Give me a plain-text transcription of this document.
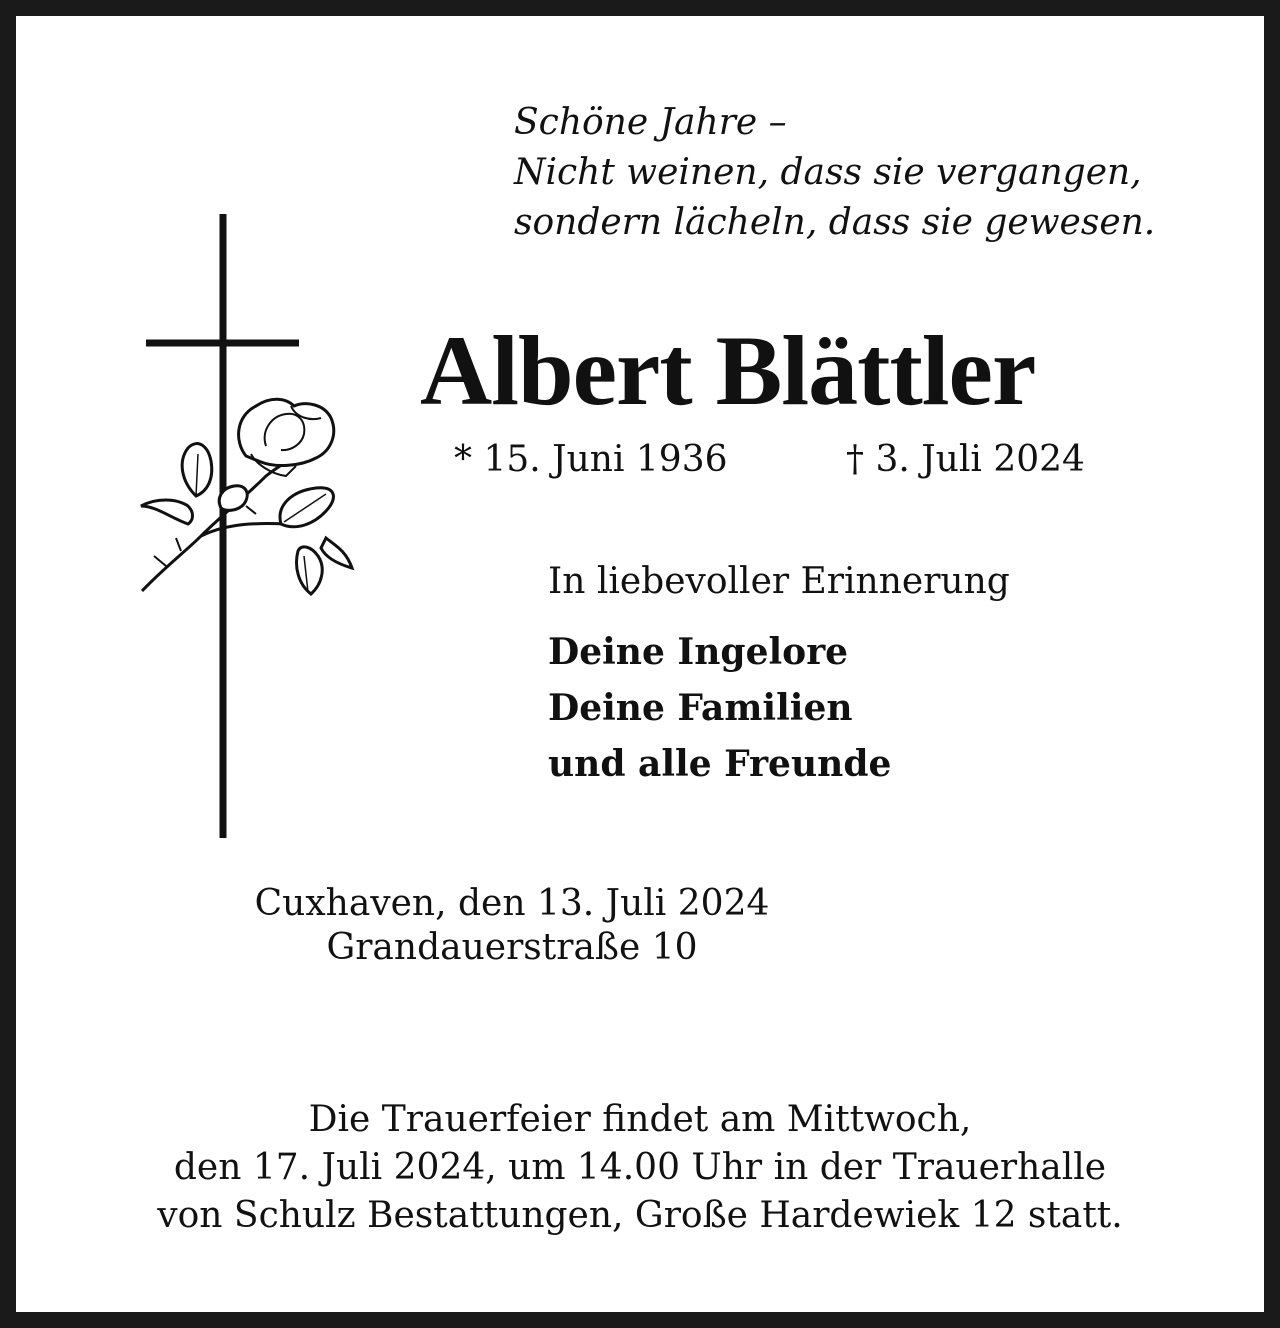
Schöne Jahre –
Nicht weinen, dass sie vergangen,
sondern lächeln, dass sie gewesen.
Albert Blättler
* 15. Juni 1936	† 3. Juli 2024
In liebevoller Erinnerung
Deine Ingelore
Deine Familien
und alle Freunde
Cuxhaven, den 13. Juli 2024
Grandauerstraße 10
Die Trauerfeier findet am Mittwoch,
den 17. Juli 2024, um 14.00 Uhr in der Trauerhalle
von Schulz Bestattungen, Große Hardewiek 12 statt.
